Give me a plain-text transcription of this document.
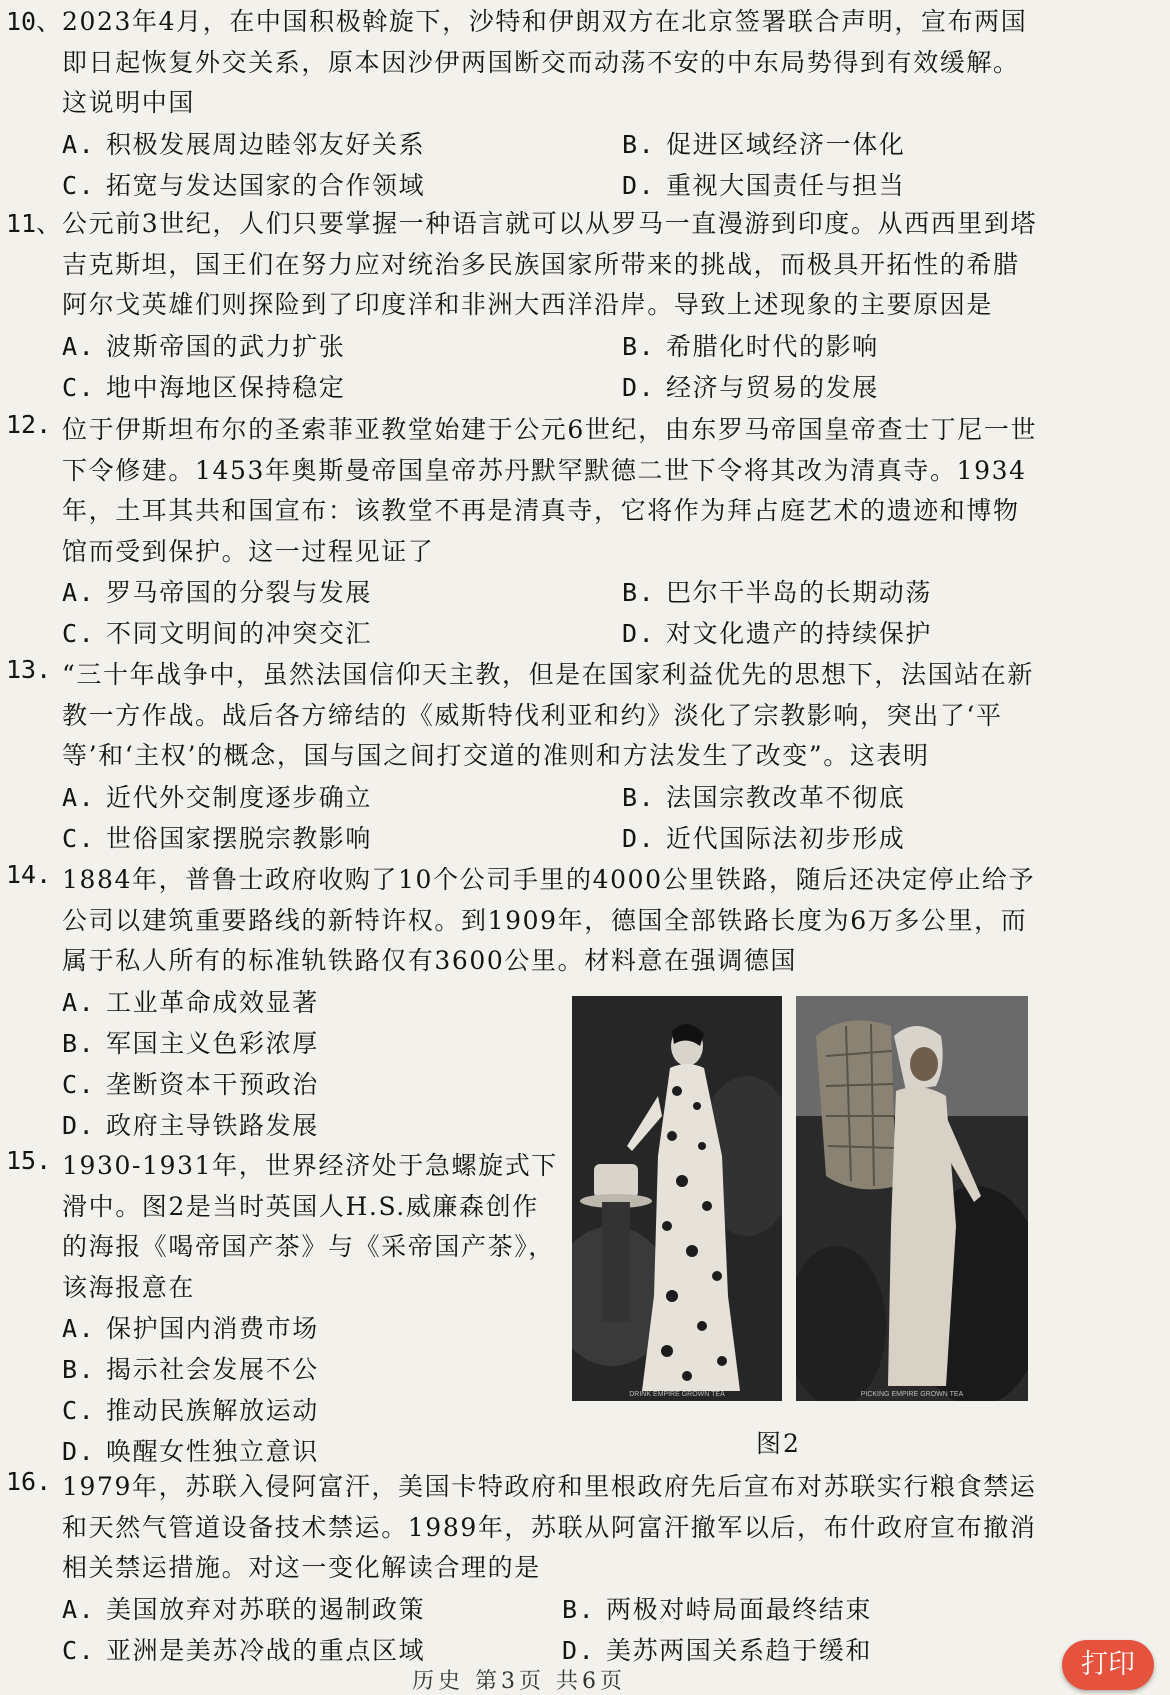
10、 2023年4月，在中国积极斡旋下，沙特和伊朗双方在北京签署联合声明，宣布两国即日起恢复外交关系，原本因沙伊两国断交而动荡不安的中东局势得到有效缓解。这说明中国
A. 积极发展周边睦邻友好关系	B. 促进区域经济一体化
C. 拓宽与发达国家的合作领域	D. 重视大国责任与担当
11、 公元前3世纪，人们只要掌握一种语言就可以从罗马一直漫游到印度。从西西里到塔吉克斯坦，国王们在努力应对统治多民族国家所带来的挑战，而极具开拓性的希腊阿尔戈英雄们则探险到了印度洋和非洲大西洋沿岸。导致上述现象的主要原因是
A. 波斯帝国的武力扩张	B. 希腊化时代的影响
C. 地中海地区保持稳定	D. 经济与贸易的发展
12. 位于伊斯坦布尔的圣索菲亚教堂始建于公元6世纪，由东罗马帝国皇帝查士丁尼一世下令修建。1453年奥斯曼帝国皇帝苏丹默罕默德二世下令将其改为清真寺。1934年，土耳其共和国宣布：该教堂不再是清真寺，它将作为拜占庭艺术的遗迹和博物馆而受到保护。这一过程见证了
A. 罗马帝国的分裂与发展	B. 巴尔干半岛的长期动荡
C. 不同文明间的冲突交汇	D. 对文化遗产的持续保护
13. “三十年战争中，虽然法国信仰天主教，但是在国家利益优先的思想下，法国站在新教一方作战。战后各方缔结的《威斯特伐利亚和约》淡化了宗教影响，突出了‘平等’和‘主权’的概念，国与国之间打交道的准则和方法发生了改变”。这表明
A. 近代外交制度逐步确立	B. 法国宗教改革不彻底
C. 世俗国家摆脱宗教影响	D. 近代国际法初步形成
14. 1884年，普鲁士政府收购了10个公司手里的4000公里铁路，随后还决定停止给予公司以建筑重要路线的新特许权。到1909年，德国全部铁路长度为6万多公里，而属于私人所有的标准轨铁路仅有3600公里。材料意在强调德国
A. 工业革命成效显著
B. 军国主义色彩浓厚
C. 垄断资本干预政治
D. 政府主导铁路发展
15. 1930-1931年，世界经济处于急螺旋式下滑中。图2是当时英国人H.S.威廉森创作的海报《喝帝国产茶》与《采帝国产茶》，该海报意在
A. 保护国内消费市场
B. 揭示社会发展不公
C. 推动民族解放运动
D. 唤醒女性独立意识
DRINK EMPIRE GROWN TEA	PICKING EMPIRE GROWN TEA
图2
16. 1979年，苏联入侵阿富汗，美国卡特政府和里根政府先后宣布对苏联实行粮食禁运和天然气管道设备技术禁运。1989年，苏联从阿富汗撤军以后，布什政府宣布撤消相关禁运措施。对这一变化解读合理的是
A. 美国放弃对苏联的遏制政策	B. 两极对峙局面最终结束
C. 亚洲是美苏冷战的重点区域	D. 美苏两国关系趋于缓和
历史 第3页 共6页
打印
